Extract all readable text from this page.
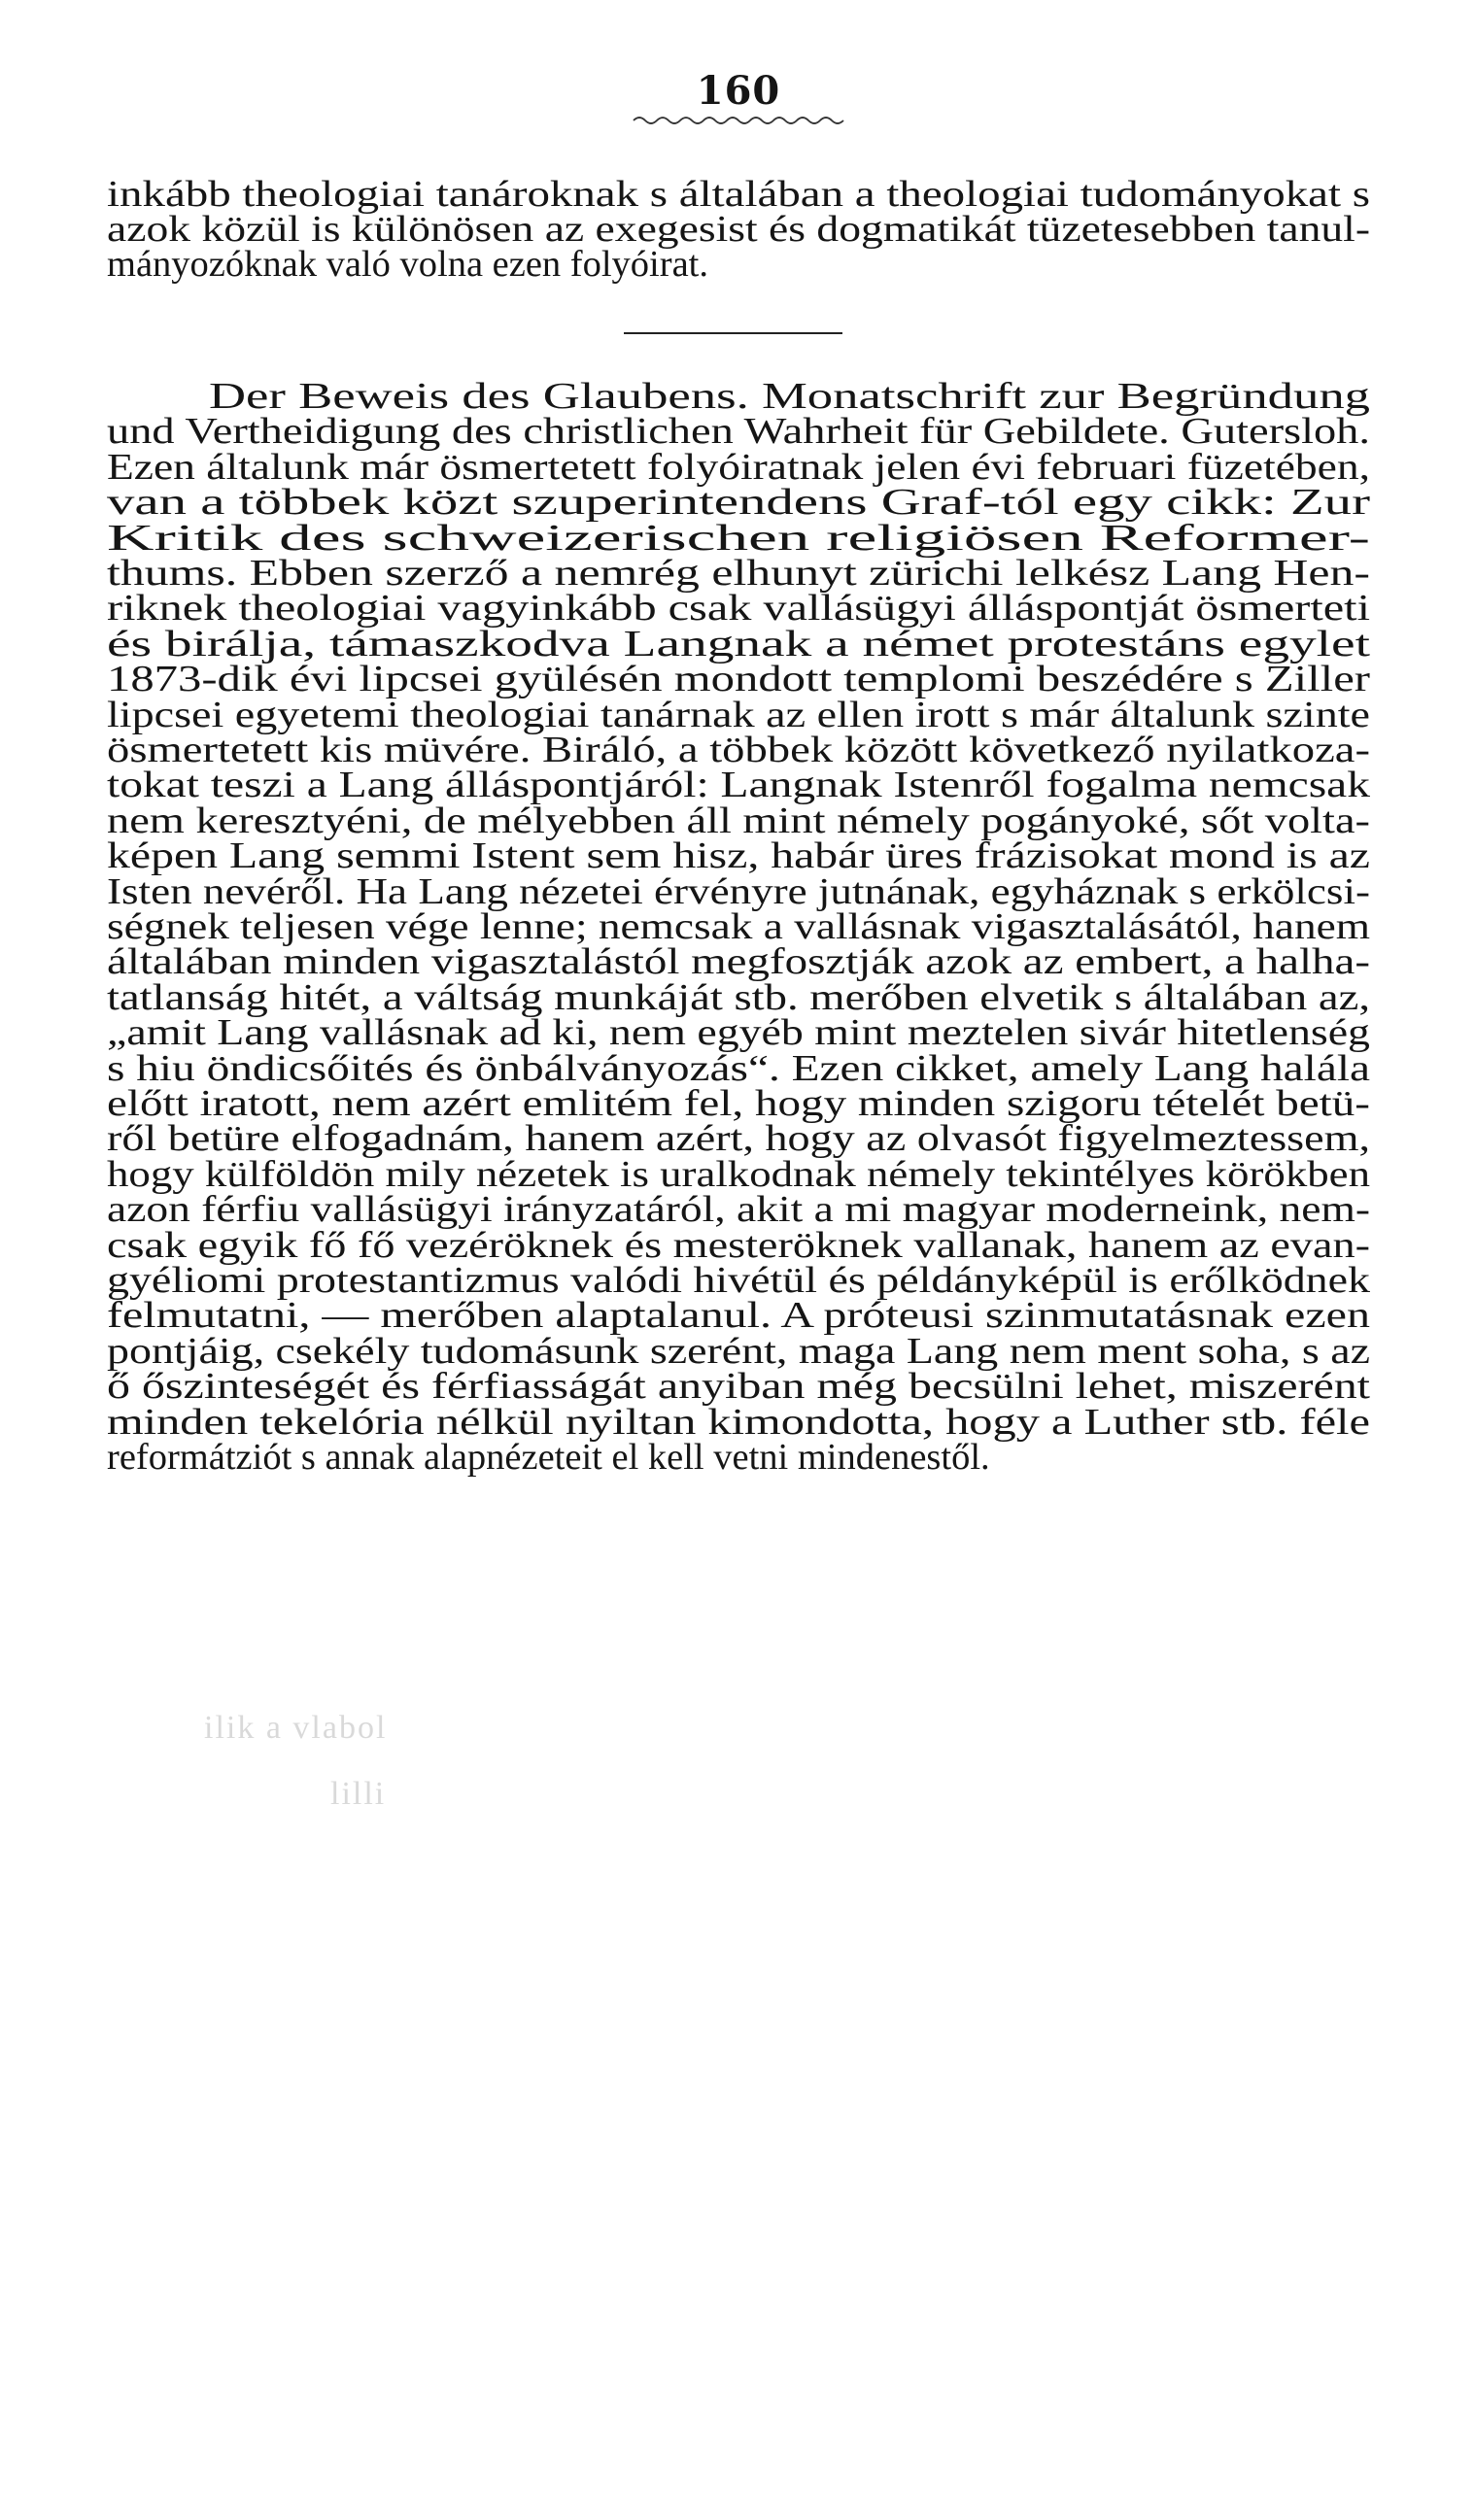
160
inkább theologiai tanároknak s általában a theologiai tudományokat s
azok közül is különösen az exegesist és dogmatikát tüzetesebben tanul-
mányozóknak való volna ezen folyóirat.
Der Beweis des Glaubens. Monatschrift zur Begründung
und Vertheidigung des christlichen Wahrheit für Gebildete. Gutersloh.
Ezen általunk már ösmertetett folyóiratnak jelen évi februari füzetében,
van a többek közt szuperintendens Graf-tól egy cikk: Zur
Kritik des schweizerischen religiösen Reformer-
thums. Ebben szerző a nemrég elhunyt zürichi lelkész Lang Hen-
riknek theologiai vagyinkább csak vallásügyi álláspontját ösmerteti
és birálja, támaszkodva Langnak a német protestáns egylet
1873-dik évi lipcsei gyülésén mondott templomi beszédére s Ziller
lipcsei egyetemi theologiai tanárnak az ellen irott s már általunk szinte
ösmertetett kis müvére. Biráló, a többek között következő nyilatkoza-
tokat teszi a Lang álláspontjáról: Langnak Istenről fogalma nemcsak
nem keresztyéni, de mélyebben áll mint némely pogányoké, sőt volta-
képen Lang semmi Istent sem hisz, habár üres frázisokat mond is az
Isten nevéről. Ha Lang nézetei érvényre jutnának, egyháznak s erkölcsi-
ségnek teljesen vége lenne; nemcsak a vallásnak vigasztalásától, hanem
általában minden vigasztalástól megfosztják azok az embert, a halha-
tatlanság hitét, a váltság munkáját stb. merőben elvetik s általában az,
„amit Lang vallásnak ad ki, nem egyéb mint meztelen sivár hitetlenség
s hiu öndicsőités és önbálványozás“. Ezen cikket, amely Lang halála
előtt iratott, nem azért emlitém fel, hogy minden szigoru tételét betü-
ről betüre elfogadnám, hanem azért, hogy az olvasót figyelmeztessem,
hogy külföldön mily nézetek is uralkodnak némely tekintélyes körökben
azon férfiu vallásügyi irányzatáról, akit a mi magyar moderneink, nem-
csak egyik fő fő vezéröknek és mesteröknek vallanak, hanem az evan-
gyéliomi protestantizmus valódi hivétül és példányképül is erőlködnek
felmutatni, — merőben alaptalanul. A próteusi szinmutatásnak ezen
pontjáig, csekély tudomásunk szerént, maga Lang nem ment soha, s az
ő őszinteségét és férfiasságát anyiban még becsülni lehet, miszerént
minden tekelória nélkül nyiltan kimondotta, hogy a Luther stb. féle
reformátziót s annak alapnézeteit el kell vetni mindenestől.
ilik a vlabol
lilli
